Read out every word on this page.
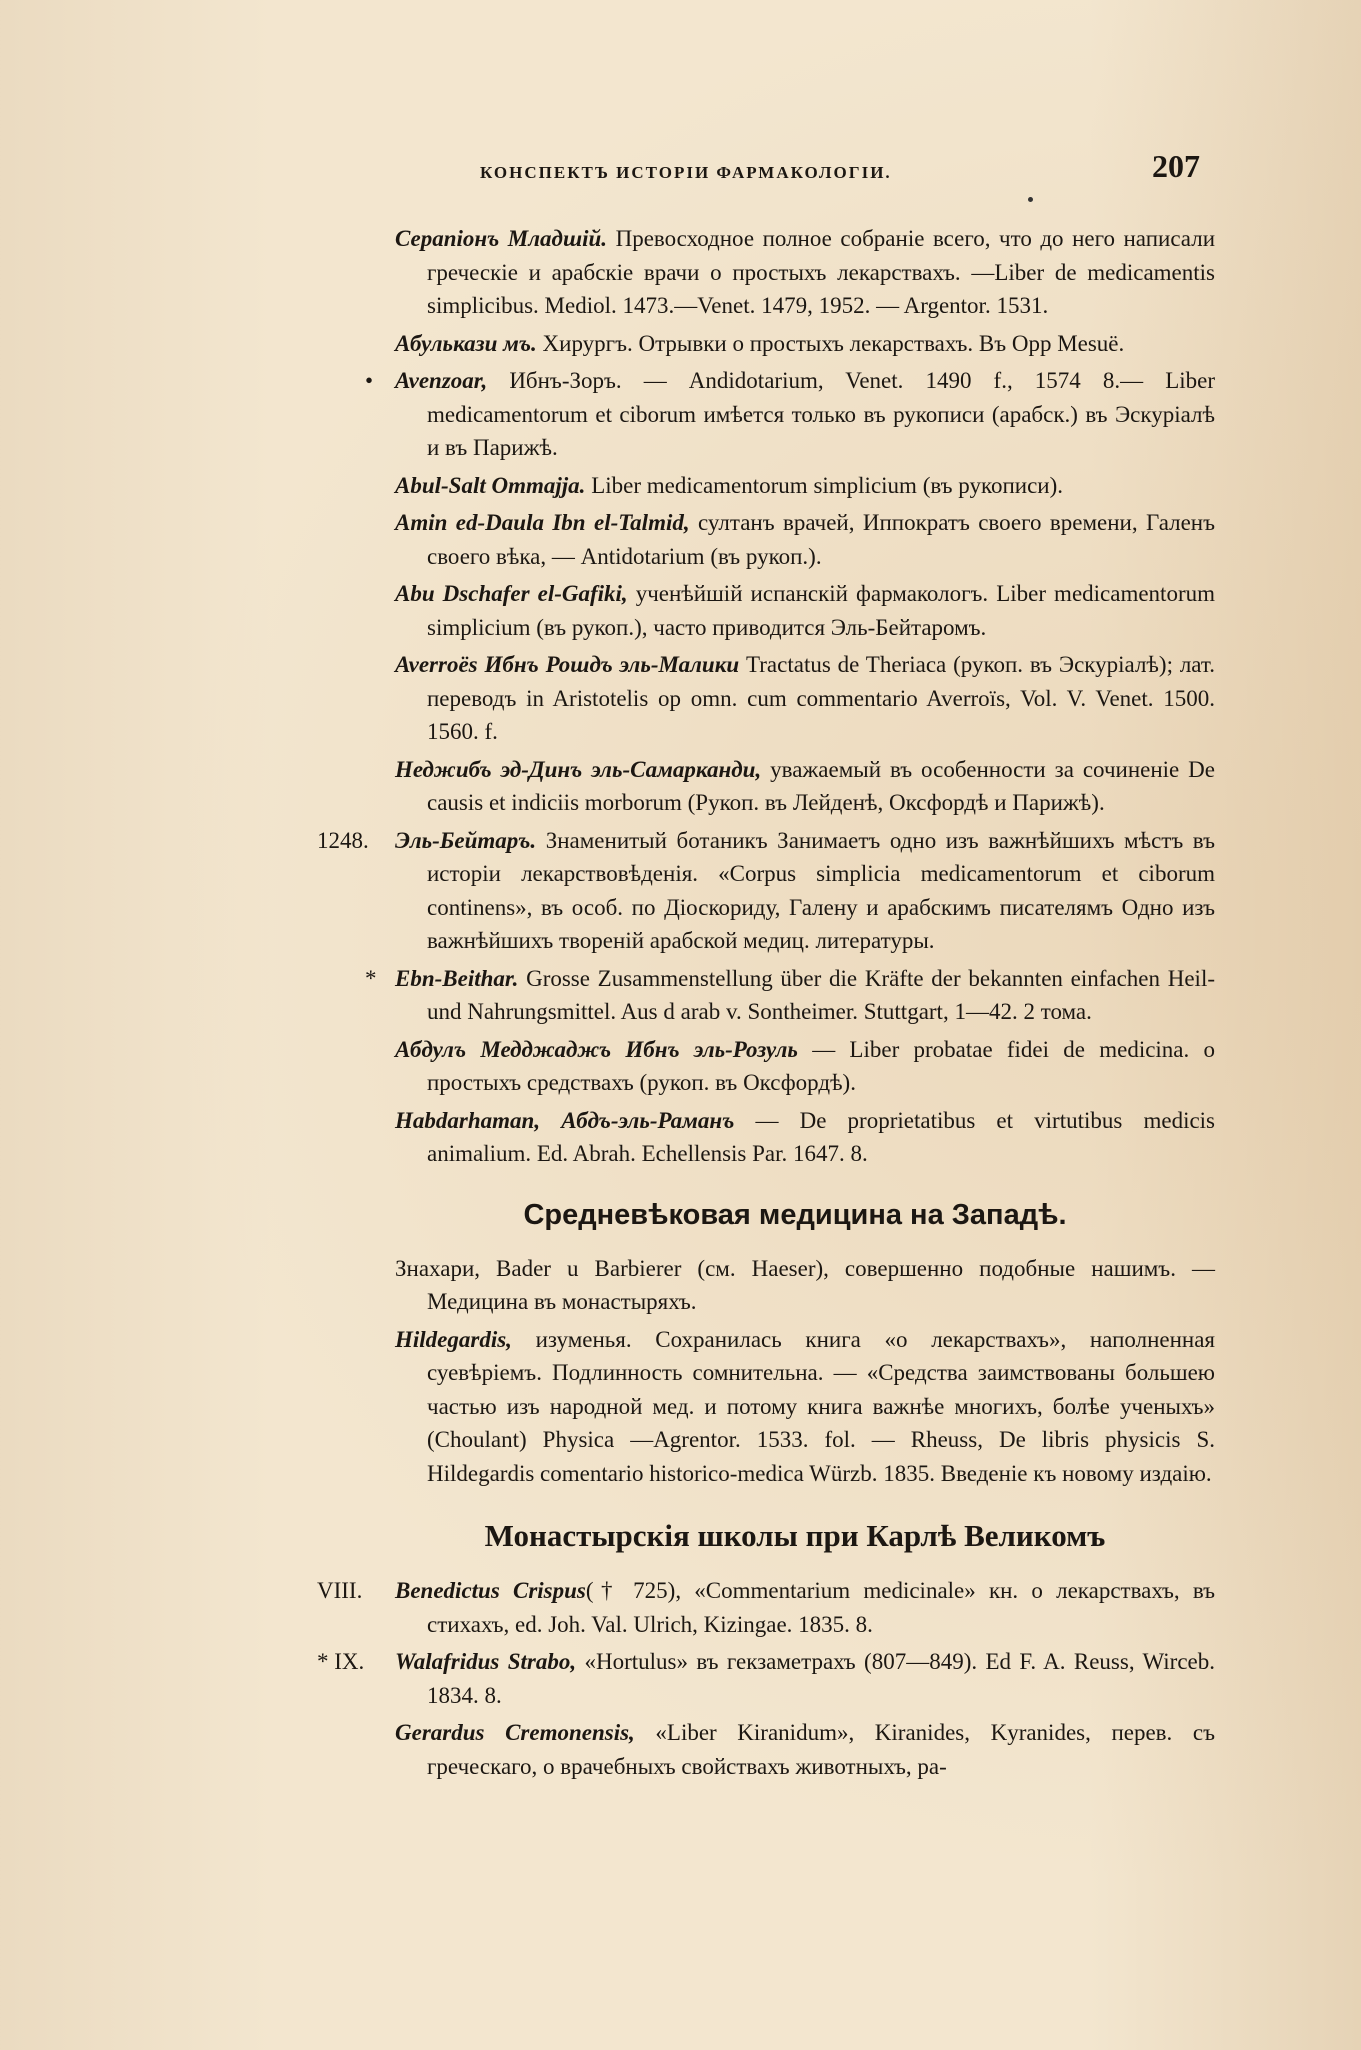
КОНСПЕКТЪ ИСТОРІИ ФАРМАКОЛОГІИ.	207

Серапіонъ Младшій. Превосходное полное собраніе всего, что до него написали греческіе и арабскіе врачи о простыхъ лекарствахъ. —Liber de medicamentis simplicibus. Mediol. 1473.—Venet. 1479, 1952. — Argentor. 1531.

Абулькази мъ. Хирургъ. Отрывки о простыхъ лекарствахъ. Въ Opp Mesuë.

• Avenzoar, Ибнъ-Зоръ. — Andidotarium, Venet. 1490 f., 1574 8.— Liber medicamentorum et ciborum имѣется только въ рукописи (арабск.) въ Эскуріалѣ и въ Парижѣ.

Abul-Salt Ommajja. Liber medicamentorum simplicium (въ рукописи).

Amin ed-Daula Ibn el-Talmid, султанъ врачей, Иппократъ своего времени, Галенъ своего вѣка, — Antidotarium (въ рукоп.).

Abu Dschafer el-Gafiki, ученѣйшій испанскій фармакологъ. Liber medicamentorum simplicium (въ рукоп.), часто приводится Эль-Бейтаромъ.

Averroës Ибнъ Рошдъ эль-Малики Tractatus de Theriaca (рукоп. въ Эскуріалѣ); лат. переводъ in Aristotelis op omn. cum commentario Averroïs, Vol. V. Venet. 1500. 1560. f.

Неджибъ эд-Динъ эль-Самарканди, уважаемый въ особенности за сочиненіе De causis et indiciis morborum (Рукоп. въ Лейденѣ, Оксфордѣ и Парижѣ).

1248. Эль-Бейтаръ. Знаменитый ботаникъ Занимаетъ одно изъ важнѣйшихъ мѣстъ въ исторіи лекарствовѣденія. «Corpus simplicia medicamentorum et ciborum continens», въ особ. по Діоскориду, Галену и арабскимъ писателямъ Одно изъ важнѣйшихъ твореній арабской медиц. литературы.

* Ebn-Beithar. Grosse Zusammenstellung über die Kräfte der bekannten einfachen Heil-und Nahrungsmittel. Aus d arab v. Sontheimer. Stuttgart, 1—42. 2 тома.

Абдулъ Медджаджъ Ибнъ эль-Розуль — Liber probatae fidei de medicina. о простыхъ средствахъ (рукоп. въ Оксфордѣ).

Habdarhaman, Абдъ-эль-Раманъ — De proprietatibus et virtutibus medicis animalium. Ed. Abrah. Echellensis Par. 1647. 8.

Средневѣковая медицина на Западѣ.

Знахари, Bader u Barbierer (см. Haeser), совершенно подобные нашимъ. — Медицина въ монастыряхъ.

Hildegardis, изуменья. Сохранилась книга «о лекарствахъ», наполненная суевѣріемъ. Подлинность сомнительна. — «Средства заимствованы большею частью изъ народной мед. и потому книга важнѣе многихъ, болѣе ученыхъ» (Choulant) Physica —Agrentor. 1533. fol. — Rheuss, De libris physicis S. Hildegardis comentario historico-medica Würzb. 1835. Введеніе къ новому издаію.

Монастырскія школы при Карлѣ Великомъ

VIII. Benedictus Crispus(† 725), «Commentarium medicinale» кн. о лекарствахъ, въ стихахъ, ed. Joh. Val. Ulrich, Kizingae. 1835. 8.

* IX. Walafridus Strabo, «Hortulus» въ гекзаметрахъ (807—849). Ed F. A. Reuss, Wirceb. 1834. 8.

Gerardus Cremonensis, «Liber Kiranidum», Kiranides, Kyranides, перев. съ греческаго, о врачебныхъ свойствахъ животныхъ, ра-
